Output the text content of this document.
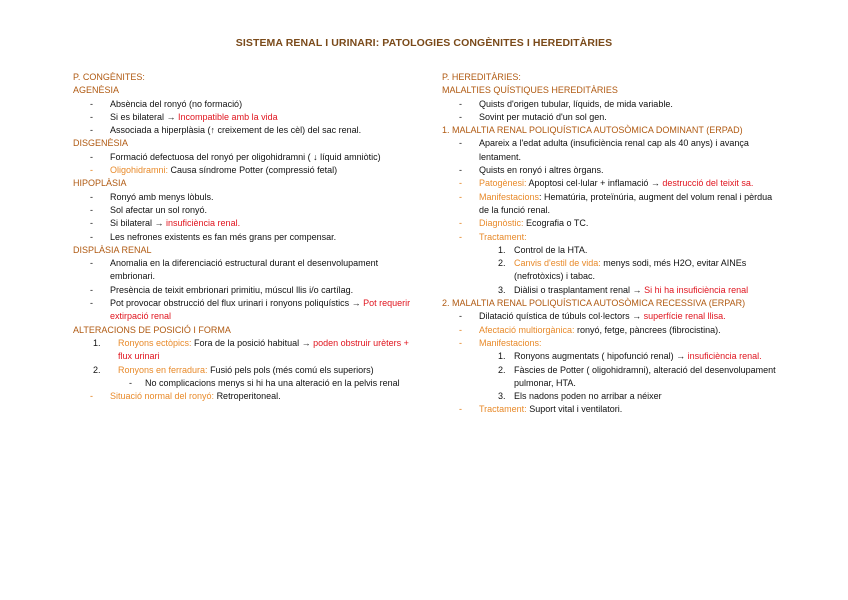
SISTEMA RENAL I URINARI: PATOLOGIES CONGÈNITES I HEREDITÀRIES
P. CONGÈNITES:
AGENÈSIA
-
Absència del ronyó (no formació)
-
Si es bilateral → Incompatible amb la vida
-
Associada a hiperplàsia (↑ creixement de les cèl) del sac renal.
DISGENÈSIA
-
Formació defectuosa del ronyó per oligohidramni ( ↓ líquid amniòtic)
-
Oligohidramni: Causa síndrome Potter (compressió fetal)
HIPOPLÀSIA
-
Ronyó amb menys lòbuls.
-
Sol afectar un sol ronyó.
-
Si bilateral → insuficiència renal.
-
Les nefrones existents es fan més grans per compensar.
DISPLÀSIA RENAL
-
Anomalia en la diferenciació estructural durant el desenvolupament embrionari.
-
Presència de teixit embrionari primitiu, múscul llis i/o cartílag.
-
Pot provocar obstrucció del flux urinari i ronyons poliquístics → Pot requerir extirpació renal
ALTERACIONS DE POSICIÓ I FORMA
1. Ronyons ectòpics: Fora de la posició habitual → poden obstruir urèters + flux urinari
2. Ronyons en ferradura: Fusió pels pols (més comú els superiors)
- No complicacions menys si hi ha una alteració en la pelvis renal
-
Situació normal del ronyó: Retroperitoneal.
P. HEREDITÀRIES:
MALALTIES QUÍSTIQUES HEREDITÀRIES
-
Quists d'origen tubular, líquids, de mida variable.
-
Sovint per mutació d'un sol gen.
1. MALALTIA RENAL POLIQUÍSTICA AUTOSÒMICA DOMINANT (ERPAD)
-
Apareix a l'edat adulta (insuficiència renal cap als 40 anys) i avança lentament.
-
Quists en ronyó i altres òrgans.
-
Patogènesi: Apoptosi cel·lular + inflamació → destrucció del teixit sa.
-
Manifestacions: Hematúria, proteïnúria, augment del volum renal i pèrdua de la funció renal.
-
Diagnòstic: Ecografia o TC.
-
Tractament:
1. Control de la HTA.
2. Canvis d'estil de vida: menys sodi, més H2O, evitar AINEs (nefrotòxics) i tabac.
3. Diàlisi o trasplantament renal → Si hi ha insuficiència renal
2. MALALTIA RENAL POLIQUÍSTICA AUTOSÒMICA RECESSIVA (ERPAR)
-
Dilatació quística de túbuls col·lectors → superfície renal llisa.
-
Afectació multiorgànica: ronyó, fetge, pàncrees (fibrocistina).
-
Manifestacions:
1. Ronyons augmentats ( hipofunció renal) → insuficiència renal.
2. Fàscies de Potter ( oligohidramni), alteració del desenvolupament pulmonar, HTA.
3. Els nadons poden no arribar a néixer
-
Tractament: Suport vital i ventilatori.
